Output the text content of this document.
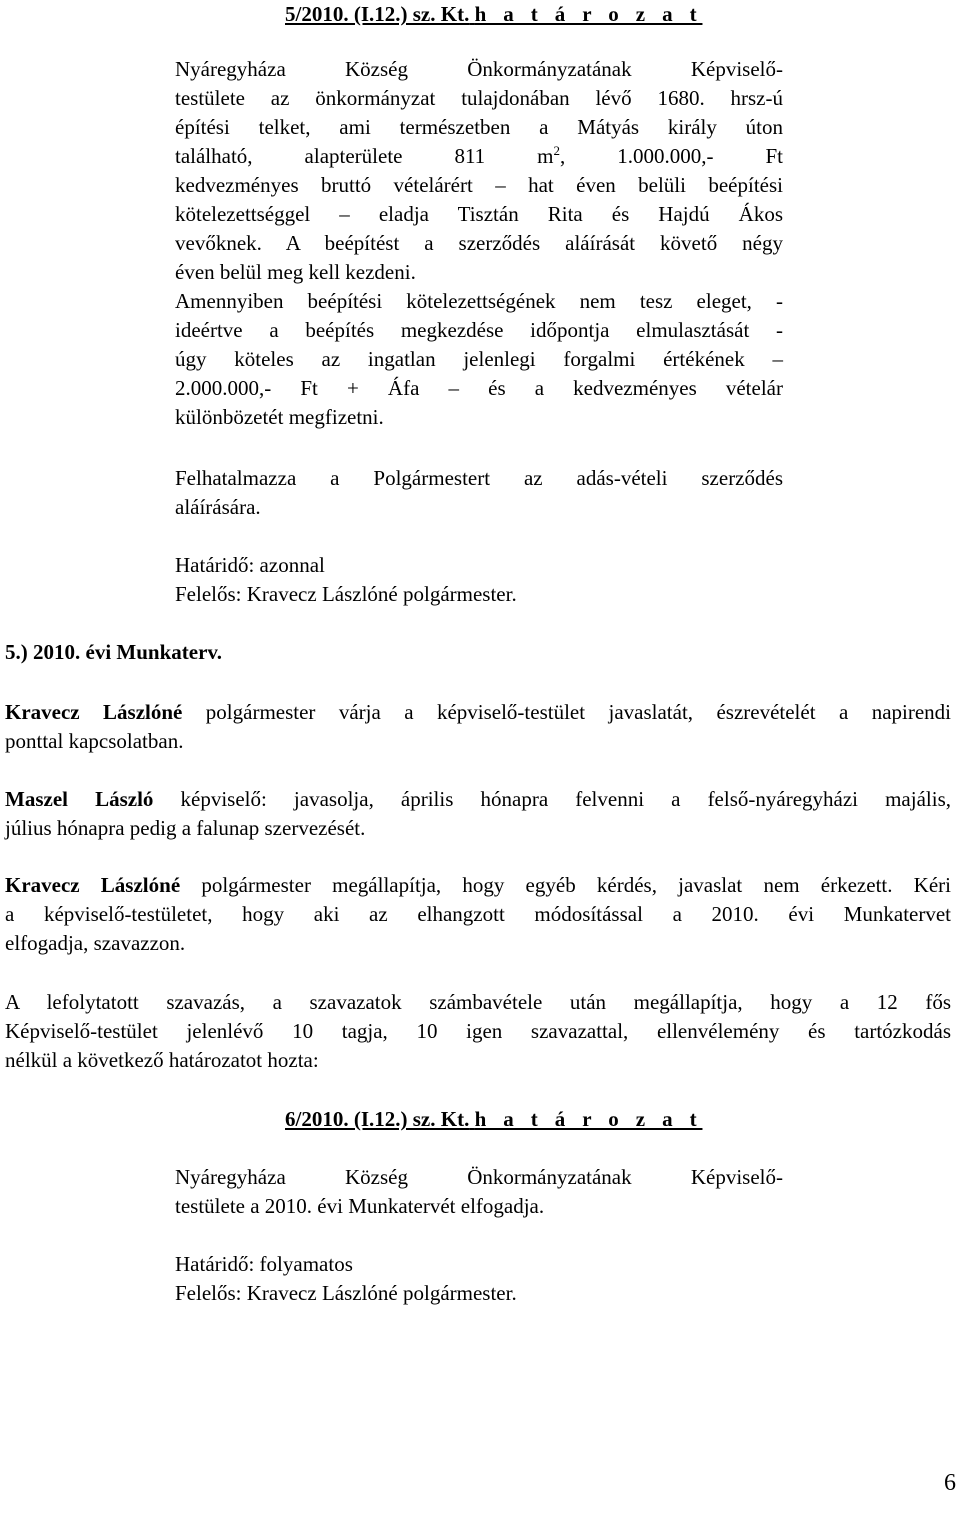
5/2010. (I.12.) sz. Kt. h a t á r o z a t

Nyáregyháza Község Önkormányzatának Képviselő-

testülete az önkormányzat tulajdonában lévő 1680. hrsz-ú

építési telket, ami természetben a Mátyás király úton

található, alapterülete 811 $m^2$, 1.000.000,- Ft

kedvezményes bruttó vételárért – hat éven belüli beépítési

kötelezettséggel – eladja Tisztán Rita és Hajdú Ákos

vevőknek. A beépítést a szerződés aláírását követő négy

éven belül meg kell kezdeni.

Amennyiben beépítési kötelezettségének nem tesz eleget, -

ideértve a beépítés megkezdése időpontja elmulasztását -

úgy köteles az ingatlan jelenlegi forgalmi értékének –

2.000.000,- Ft + Áfa – és a kedvezményes vételár

különbözetét megfizetni.

Felhatalmazza a Polgármestert az adás-vételi szerződés

aláírására.

Határidő: azonnal

Felelős: Kravecz Lászlóné polgármester.

5.) 2010. évi Munkaterv.

Kravecz Lászlóné polgármester várja a képviselő-testület javaslatát, észrevételét a napirendi

ponttal kapcsolatban.

Maszel László képviselő: javasolja, április hónapra felvenni a felső-nyáregyházi majális,

július hónapra pedig a falunap szervezését.

Kravecz Lászlóné polgármester megállapítja, hogy egyéb kérdés, javaslat nem érkezett. Kéri

a képviselő-testületet, hogy aki az elhangzott módosítással a 2010. évi Munkatervet

elfogadja, szavazzon.

A lefolytatott szavazás, a szavazatok számbavétele után megállapítja, hogy a 12 fős

Képviselő-testület jelenlévő 10 tagja, 10 igen szavazattal, ellenvélemény és tartózkodás

nélkül a következő határozatot hozta:

6/2010. (I.12.) sz. Kt. h a t á r o z a t

Nyáregyháza Község Önkormányzatának Képviselő-

testülete a 2010. évi Munkatervét elfogadja.

Határidő: folyamatos

Felelős: Kravecz Lászlóné polgármester.

6
